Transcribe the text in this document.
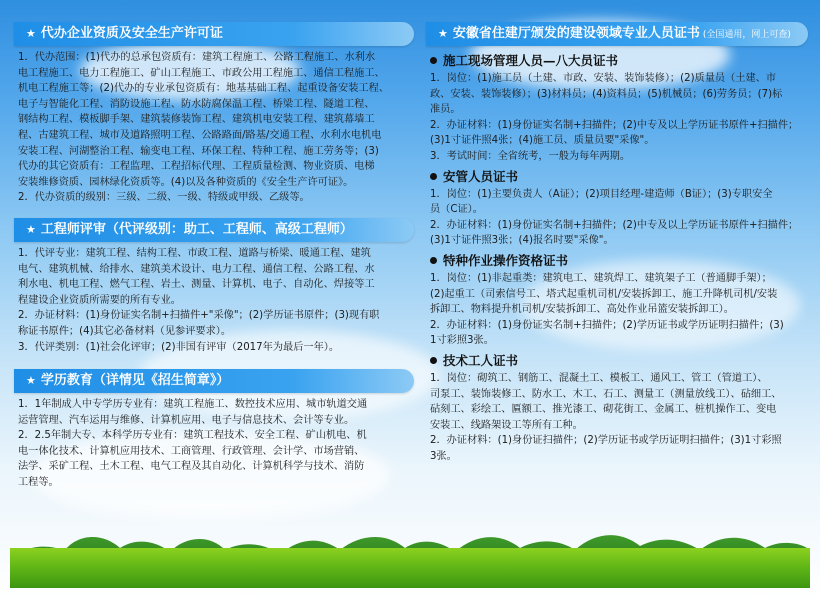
★ 代办企业资质及安全生产许可证

1．代办范围：(1)代办的总承包资质有：建筑工程施工、公路工程施工、水利水

电工程施工、电力工程施工、矿山工程施工、市政公用工程施工、通信工程施工、

机电工程施工等；(2)代办的专业承包资质有：地基基础工程、起重设备安装工程、

电子与智能化工程、消防设施工程、防水防腐保温工程、桥梁工程、隧道工程、

钢结构工程、模板脚手架、建筑装修装饰工程、建筑机电安装工程、建筑幕墙工

程、古建筑工程、城市及道路照明工程、公路路面/路基/交通工程、水利水电机电

安装工程、河湖整治工程、输变电工程、环保工程、特种工程、施工劳务等；(3)

代办的其它资质有：工程监理、工程招标代理、工程质量检测、物业资质、电梯

安装维修资质、园林绿化资质等。(4)以及各种资质的《安全生产许可证》。

2．代办资质的级别：三级、二级、一级、特级或甲级、乙级等。

★ 工程师评审（代评级别：助工、工程师、高级工程师）

1．代评专业：建筑工程、结构工程、市政工程、道路与桥梁、暖通工程、建筑

电气、建筑机械、给排水、建筑美术设计、电力工程、通信工程、公路工程、水

利水电、机电工程、燃气工程、岩土、测量、计算机、电子、自动化、焊接等工

程建设企业资质所需要的所有专业。

2．办证材料：(1)身份证实名制+扫描件+"采像"；(2)学历证书原件；(3)现有职

称证书原件；(4)其它必备材料（见参评要求）。

3．代评类别：(1)社会化评审；(2)非国有评审（2017年为最后一年）。

★ 学历教育（详情见《招生简章》）

1．1年制成人中专学历专业有：建筑工程施工、数控技术应用、城市轨道交通

运营管理、汽车运用与维修、计算机应用、电子与信息技术、会计等专业。

2．2.5年制大专、本科学历专业有：建筑工程技术、安全工程、矿山机电、机

电一体化技术、计算机应用技术、工商管理、行政管理、会计学、市场营销、

法学、采矿工程、土木工程、电气工程及其自动化、计算机科学与技术、消防

工程等。

★ 安徽省住建厅颁发的建设领域专业人员证书 (全国通用，网上可查)
施工现场管理人员—八大员证书

1．岗位：(1)施工员（土建、市政、安装、装饰装修）；(2)质量员（土建、市

政、安装、装饰装修）；(3)材料员；(4)资料员；(5)机械员；(6)劳务员；(7)标

准员。

2．办证材料：(1)身份证实名制+扫描件；(2)中专及以上学历证书原件+扫描件；

(3)1寸证件照4张；(4)施工员、质量员要"采像"。

3．考试时间：全省统考，一般为每年两期。

安管人员证书

1．岗位：(1)主要负责人（A证）；(2)项目经理-建造师（B证）；(3)专职安全

员（C证）。

2．办证材料：(1)身份证实名制+扫描件；(2)中专及以上学历证书原件+扫描件；

(3)1寸证件照3张；(4)报名时要"采像"。

特种作业操作资格证书

1．岗位：(1)非起重类：建筑电工、建筑焊工、建筑架子工（普通脚手架）；

(2)起重工（司索信号工、塔式起重机司机/安装拆卸工、施工升降机司机/安装

拆卸工、物料提升机司机/安装拆卸工、高处作业吊篮安装拆卸工）。

2．办证材料：(1)身份证实名制+扫描件；(2)学历证书或学历证明扫描件；(3)

1寸彩照3张。

技术工人证书

1．岗位：砌筑工、钢筋工、混凝土工、模板工、通风工、管工（管道工）、

司泵工、装饰装修工、防水工、木工、石工、测量工（测量放线工）、砧细工、

砧刻工、彩绘工、匾额工、推光漆工、砌花街工、金属工、桩机操作工、变电

安装工、线路架设工等所有工种。

2．办证材料：(1)身份证扫描件；(2)学历证书或学历证明扫描件；(3)1寸彩照

3张。
